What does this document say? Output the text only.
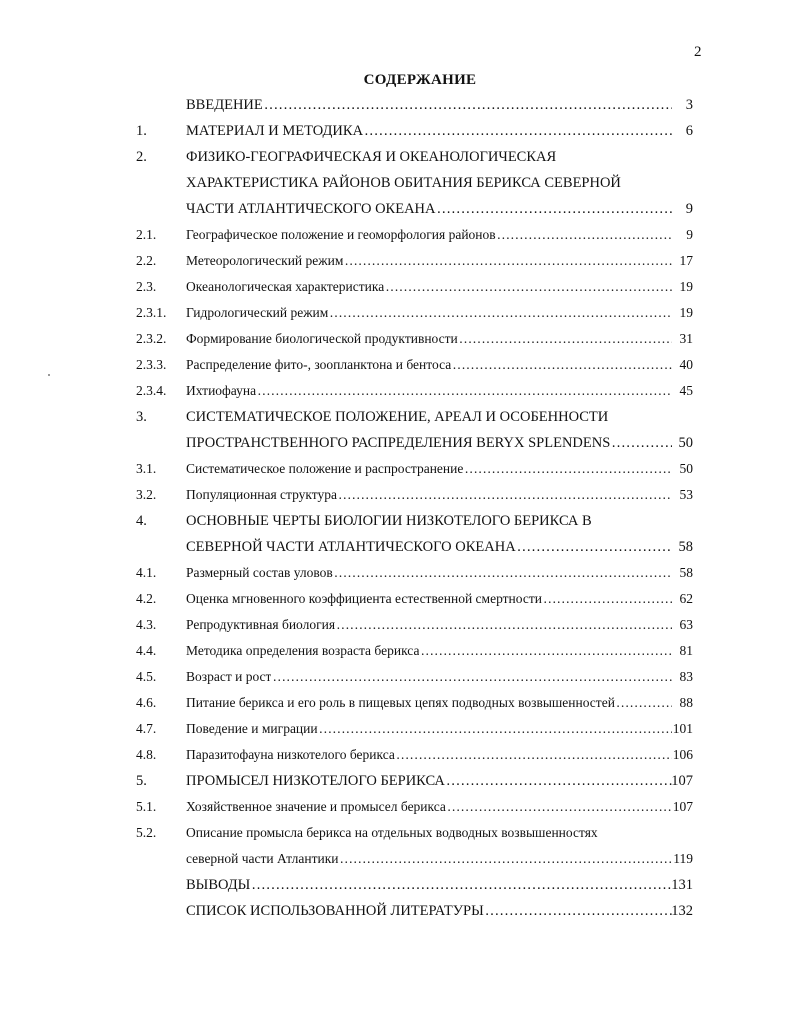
2
СОДЕРЖАНИЕ
ВВЕДЕНИЕ ……………………………………………………………………………………………………………………………………………………………………	3
1.	МАТЕРИАЛ И МЕТОДИКА ……………………………………………………………………………………………………………………………………………………………………	6
2.	ФИЗИКО-ГЕОГРАФИЧЕСКАЯ И ОКЕАНОЛОГИЧЕСКАЯ
ХАРАКТЕРИСТИКА РАЙОНОВ ОБИТАНИЯ БЕРИКСА СЕВЕРНОЙ
ЧАСТИ АТЛАНТИЧЕСКОГО ОКЕАНА ……………………………………………………………………………………………………………………………………………………………………	9
2.1. Географическое положение и геоморфология районов ……………………………………………………………………………………………………………………………………………………………………	9
2.2. Метеорологический режим ……………………………………………………………………………………………………………………………………………………………………	17
2.3. Океанологическая характеристика ……………………………………………………………………………………………………………………………………………………………………	19
2.3.1. Гидрологический режим ……………………………………………………………………………………………………………………………………………………………………	19
2.3.2. Формирование биологической продуктивности ……………………………………………………………………………………………………………………………………………………………………	31
2.3.3. Распределение фито-, зоопланктона и бентоса ……………………………………………………………………………………………………………………………………………………………………	40
2.3.4. Ихтиофауна ……………………………………………………………………………………………………………………………………………………………………	45
3.	СИСТЕМАТИЧЕСКОЕ ПОЛОЖЕНИЕ, АРЕАЛ И ОСОБЕННОСТИ
ПРОСТРАНСТВЕННОГО РАСПРЕДЕЛЕНИЯ BERYX SPLENDENS ……………………………………………………………………………………………………………………………………………………………………	50
3.1. Систематическое положение и распространение ……………………………………………………………………………………………………………………………………………………………………	50
3.2. Популяционная структура ……………………………………………………………………………………………………………………………………………………………………	53
4.	ОСНОВНЫЕ ЧЕРТЫ БИОЛОГИИ НИЗКОТЕЛОГО БЕРИКСА В
СЕВЕРНОЙ ЧАСТИ АТЛАНТИЧЕСКОГО ОКЕАНА ……………………………………………………………………………………………………………………………………………………………………	58
4.1. Размерный состав уловов ……………………………………………………………………………………………………………………………………………………………………	58
4.2. Оценка мгновенного коэффициента естественной смертности ……………………………………………………………………………………………………………………………………………………………………	62
4.3. Репродуктивная биология ……………………………………………………………………………………………………………………………………………………………………	63
4.4. Методика определения возраста берикса ……………………………………………………………………………………………………………………………………………………………………	81
4.5. Возраст и рост ……………………………………………………………………………………………………………………………………………………………………	83
4.6. Питание берикса и его роль в пищевых цепях подводных возвышенностей ……………………………………………………………………………………………………………………………………………………………………	88
4.7. Поведение и миграции ……………………………………………………………………………………………………………………………………………………………………	101
4.8. Паразитофауна низкотелого берикса ……………………………………………………………………………………………………………………………………………………………………	106
5.	ПРОМЫСЕЛ НИЗКОТЕЛОГО БЕРИКСА ……………………………………………………………………………………………………………………………………………………………………	107
5.1. Хозяйственное значение и промысел берикса ……………………………………………………………………………………………………………………………………………………………………	107
5.2. Описание промысла берикса на отдельных водводных возвышенностях
северной части Атлантики ……………………………………………………………………………………………………………………………………………………………………	119
ВЫВОДЫ ……………………………………………………………………………………………………………………………………………………………………	131
СПИСОК ИСПОЛЬЗОВАННОЙ ЛИТЕРАТУРЫ ……………………………………………………………………………………………………………………………………………………………………	132
